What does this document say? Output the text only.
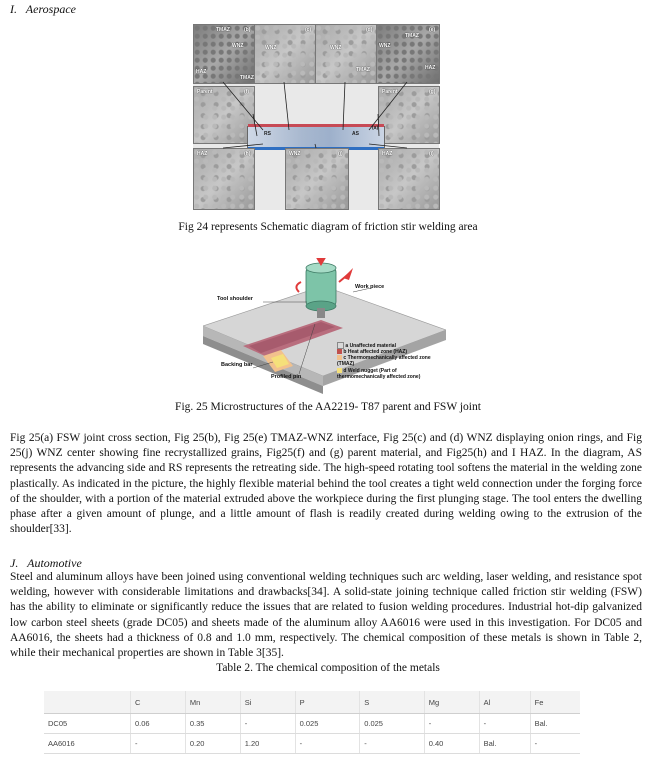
I. Aerospace
TMAZ	(b)
WNZ
HAZ
TMAZ
WNZ
(c)
WNZ
(d)
TMAZ
WNZ
TMAZ
(e)
HAZ
Parent	(f)	Parent	(g)
RS	AS
(a)
HAZ	(h)	WNZ	(j)	HAZ	(i)
Fig 24 represents Schematic diagram of friction stir welding area
Tool shoulder
Work piece
Backing bar
Profiled pin
a Unaffected material
b Heat affected zone (HAZ)
c Thermomechanically affected zone (TMAZ)
d Weld nugget (Part of thermomechanically affected zone)
Fig. 25 Microstructures of the AA2219- T87 parent and FSW joint
Fig 25(a) FSW joint cross section, Fig 25(b), Fig 25(e) TMAZ-WNZ interface, Fig 25(c) and (d) WNZ displaying onion rings, and Fig 25(j) WNZ center showing fine recrystallized grains, Fig25(f) and (g) parent material, and Fig25(h) and I HAZ. In the diagram, AS represents the advancing side and RS represents the retreating side. The high-speed rotating tool softens the material in the welding zone plastically. As indicated in the picture, the highly flexible material behind the tool creates a tight weld connection under the forging force of the shoulder, with a portion of the material extruded above the workpiece during the first plunging stage. The tool enters the dwelling phase after a given amount of plunge, and a little amount of flash is readily created during welding owing to the extrusion of the shoulder[33].
J. Automotive
Steel and aluminum alloys have been joined using conventional welding techniques such arc welding, laser welding, and resistance spot welding, however with considerable limitations and drawbacks[34]. A solid-state joining technique called friction stir welding (FSW) has the ability to eliminate or significantly reduce the issues that are related to fusion welding procedures. Industrial hot-dip galvanized low carbon steel sheets (grade DC05) and sheets made of the aluminum alloy AA6016 were used in this investigation. For DC05 and AA6016, the sheets had a thickness of 0.8 and 1.0 mm, respectively. The chemical composition of these metals is shown in Table 2, while their mechanical properties are shown in Table 3[35].
Table 2. The chemical composition of the metals
	C	Mn	Si	P	S	Mg	Al	Fe
DC05	0.06	0.35	-	0.025	0.025	-	-	Bal.
AA6016	-	0.20	1.20	-	-	0.40	Bal.	-
